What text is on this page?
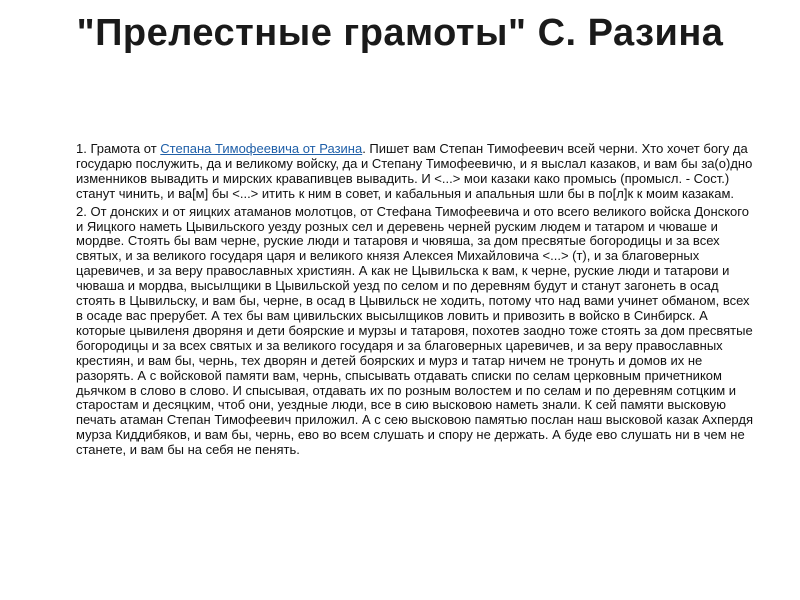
"Прелестные грамоты" С. Разина

1. Грамота от Степана Тимофеевича от Разина. Пишет вам Степан Тимофеевич всей черни. Хто хочет богу да государю послужить, да и великому войску, да и Степану Тимофеевичю, и я выслал казаков, и вам бы за(о)дно изменников вывадить и мирских кравапивцев вывадить. И <...> мои казаки како промысь (промысл. - Сост.) станут чинить, и ва[м] бы <...> итить к ним в совет, и кабальныя и апальныя шли бы в по[л]к к моим казакам.

2. От донских и от яицких атаманов молотцов, от Стефана Тимофеевича и ото всего великого войска Донского и Яицкого наметь Цывильского уезду розных сел и деревень черней руским людем и татаром и чюваше и мордве. Стоять бы вам черне, руские люди и татаровя и чювяша, за дом пресвятые богородицы и за всех святых, и за великого государя царя и великого князя Алексея Михайловича <...> (т), и за благоверных царевичев, и за веру православных християн. А как не Цывильска к вам, к черне, руские люди и татарови и чюваша и мордва, высылщики в Цывильской уезд по селом и по деревням будут и станут загонеть в осад стоять в Цывильску, и вам бы, черне, в осад в Цывильск не ходить, потому что над вами учинет обманом, всех в осаде вас прерубет. А тех бы вам цивильских высылщиков ловить и привозить в войско в Синбирск. А которые цывиленя дворяня и дети боярские и мурзы и татаровя, похотев заодно тоже стоять за дом пресвятые богородицы и за всех святых и за великого государя и за благоверных царевичев, и за веру православных крестиян, и вам бы, чернь, тех дворян и детей боярских и мурз и татар ничем не тронуть и домов их не разорять. А с войсковой памяти вам, чернь, спысывать отдавать списки по селам церковным причетником дьячком в слово в слово. И спысывая, отдавать их по розным волостем и по селам и по деревням сотцким и старостам и десяцким, чтоб они, уездные люди, все в сию высковою наметь знали. К сей памяти высковую печать атаман Степан Тимофеевич приложил. А с сею высковою памятью послан наш высковой казак Ахпердя мурза Киддибяков, и вам бы, чернь, ево во всем слушать и спору не держать. А буде ево слушать ни в чем не станете, и вам бы на себя не пенять.
